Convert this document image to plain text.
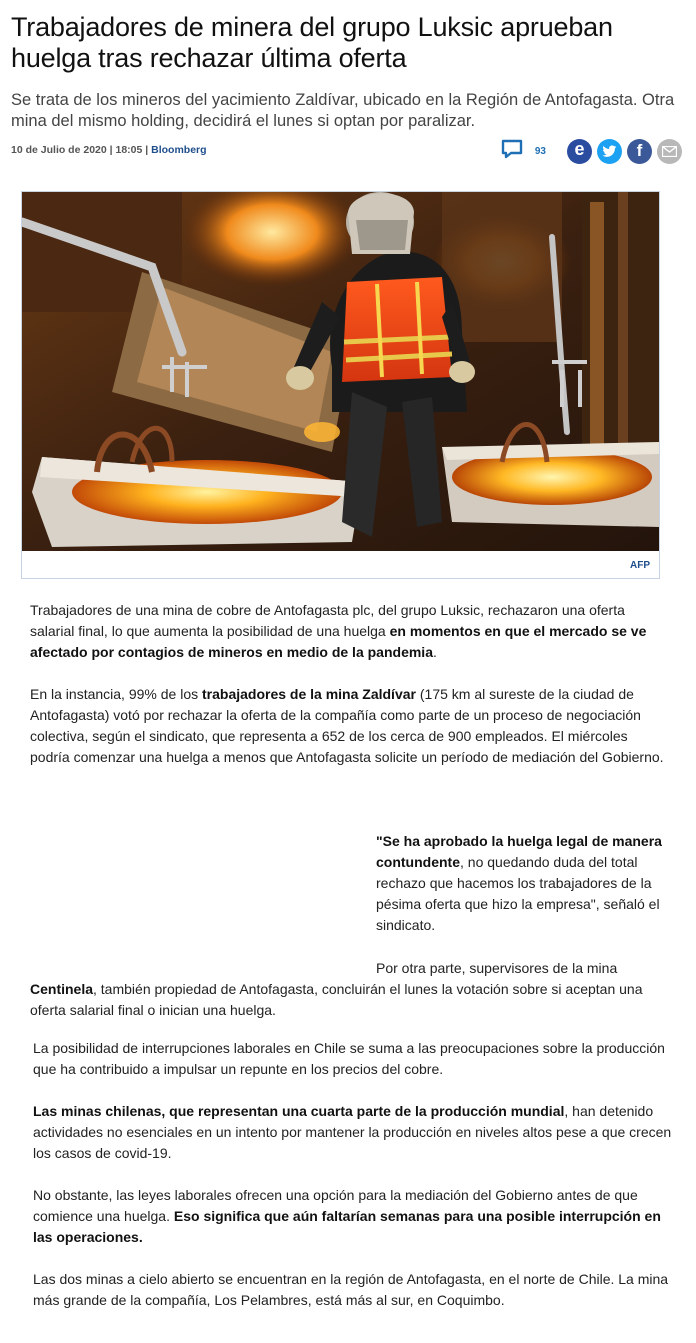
Trabajadores de minera del grupo Luksic aprueban huelga tras rechazar última oferta

Se trata de los mineros del yacimiento Zaldívar, ubicado en la Región de Antofagasta. Otra mina del mismo holding, decidirá el lunes si optan por paralizar.

10 de Julio de 2020 | 18:05 | Bloomberg	93 e	f
AFP

Trabajadores de una mina de cobre de Antofagasta plc, del grupo Luksic, rechazaron una oferta salarial final, lo que aumenta la posibilidad de una huelga en momentos en que el mercado se ve afectado por contagios de mineros en medio de la pandemia.

En la instancia, 99% de los trabajadores de la mina Zaldívar (175 km al sureste de la ciudad de Antofagasta) votó por rechazar la oferta de la compañía como parte de un proceso de negociación colectiva, según el sindicato, que representa a 652 de los cerca de 900 empleados. El miércoles podría comenzar una huelga a menos que Antofagasta solicite un período de mediación del Gobierno.

"Se ha aprobado la huelga legal de manera contundente, no quedando duda del total rechazo que hacemos los trabajadores de la pésima oferta que hizo la empresa", señaló el sindicato.

Por otra parte, supervisores de la mina

Centinela, también propiedad de Antofagasta, concluirán el lunes la votación sobre si aceptan una oferta salarial final o inician una huelga.

La posibilidad de interrupciones laborales en Chile se suma a las preocupaciones sobre la producción que ha contribuido a impulsar un repunte en los precios del cobre.

Las minas chilenas, que representan una cuarta parte de la producción mundial, han detenido actividades no esenciales en un intento por mantener la producción en niveles altos pese a que crecen los casos de covid-19.

No obstante, las leyes laborales ofrecen una opción para la mediación del Gobierno antes de que comience una huelga. Eso significa que aún faltarían semanas para una posible interrupción en las operaciones.

Las dos minas a cielo abierto se encuentran en la región de Antofagasta, en el norte de Chile. La mina más grande de la compañía, Los Pelambres, está más al sur, en Coquimbo.
